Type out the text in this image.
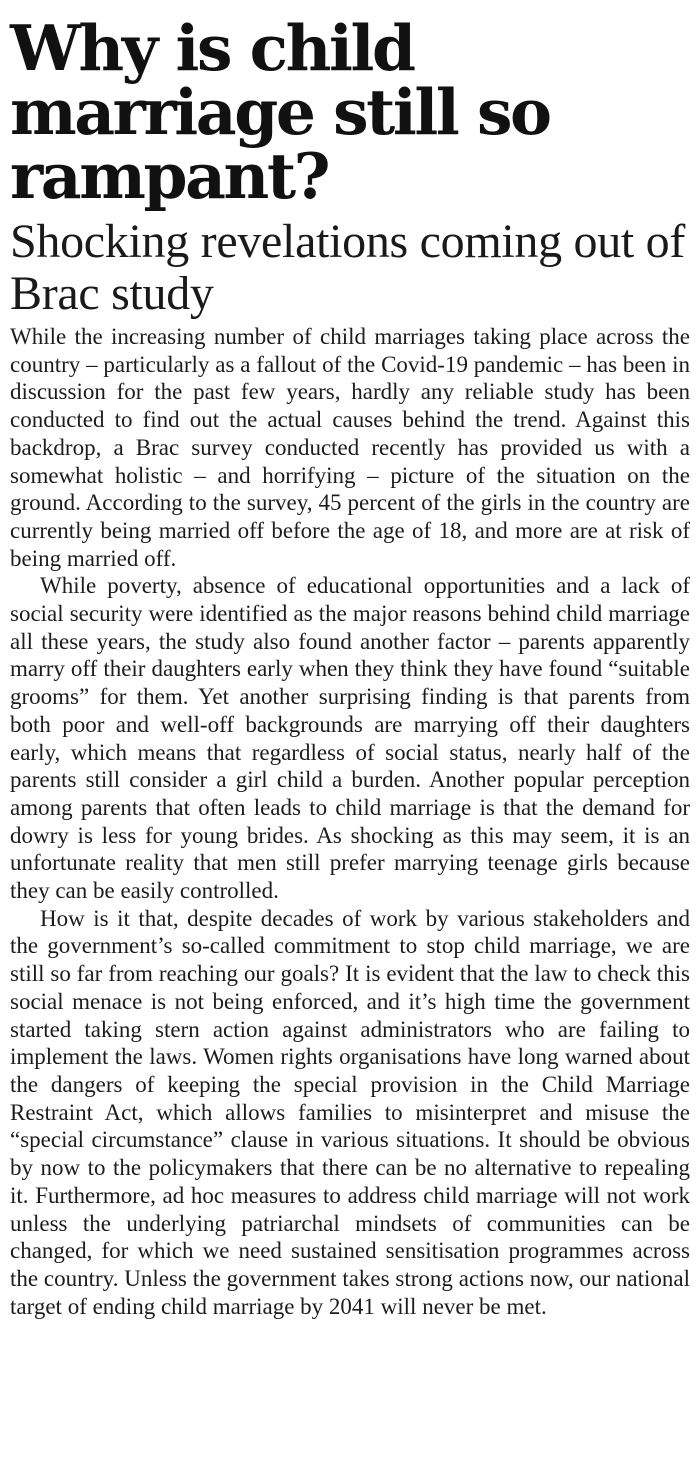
Why is child marriage still so rampant?
Shocking revelations coming out of Brac study

While the increasing number of child marriages taking place across the country – particularly as a fallout of the Covid-19 pandemic – has been in discussion for the past few years, hardly any reliable study has been conducted to find out the actual causes behind the trend. Against this backdrop, a Brac survey conducted recently has provided us with a somewhat holistic – and horrifying – picture of the situation on the ground. According to the survey, 45 percent of the girls in the country are currently being married off before the age of 18, and more are at risk of being married off.

While poverty, absence of educational opportunities and a lack of social security were identified as the major reasons behind child marriage all these years, the study also found another factor – parents apparently marry off their daughters early when they think they have found “suitable grooms” for them. Yet another surprising finding is that parents from both poor and well-off backgrounds are marrying off their daughters early, which means that regardless of social status, nearly half of the parents still consider a girl child a burden. Another popular perception among parents that often leads to child marriage is that the demand for dowry is less for young brides. As shocking as this may seem, it is an unfortunate reality that men still prefer marrying teenage girls because they can be easily controlled.

How is it that, despite decades of work by various stakeholders and the government’s so-called commitment to stop child marriage, we are still so far from reaching our goals? It is evident that the law to check this social menace is not being enforced, and it’s high time the government started taking stern action against administrators who are failing to implement the laws. Women rights organisations have long warned about the dangers of keeping the special provision in the Child Marriage Restraint Act, which allows families to misinterpret and misuse the “special circumstance” clause in various situations. It should be obvious by now to the policymakers that there can be no alternative to repealing it. Furthermore, ad hoc measures to address child marriage will not work unless the underlying patriarchal mindsets of communities can be changed, for which we need sustained sensitisation programmes across the country. Unless the government takes strong actions now, our national target of ending child marriage by 2041 will never be met.
